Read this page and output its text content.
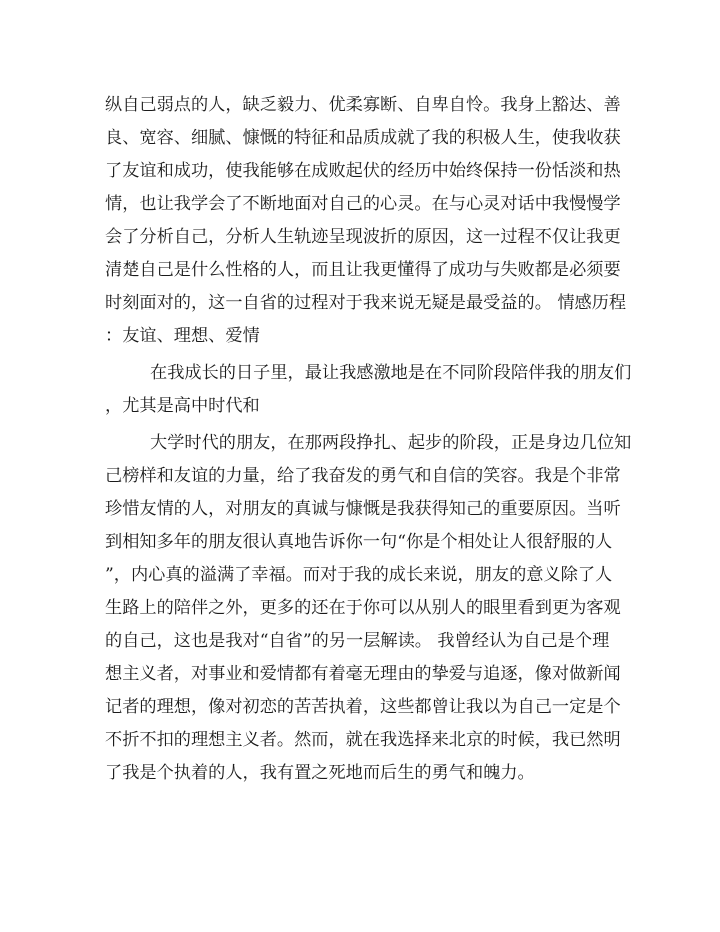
纵自己弱点的人，缺乏毅力、优柔寡断、自卑自怜。我身上豁达、善
良、宽容、细腻、慷慨的特征和品质成就了我的积极人生，使我收获
了友谊和成功，使我能够在成败起伏的经历中始终保持一份恬淡和热
情，也让我学会了不断地面对自己的心灵。在与心灵对话中我慢慢学
会了分析自己，分析人生轨迹呈现波折的原因，这一过程不仅让我更
清楚自己是什么性格的人，而且让我更懂得了成功与失败都是必须要
时刻面对的，这一自省的过程对于我来说无疑是最受益的。 情感历程
：友谊、理想、爱情
在我成长的日子里，最让我感激地是在不同阶段陪伴我的朋友们
，尤其是高中时代和
大学时代的朋友，在那两段挣扎、起步的阶段，正是身边几位知
己榜样和友谊的力量，给了我奋发的勇气和自信的笑容。我是个非常
珍惜友情的人，对朋友的真诚与慷慨是我获得知己的重要原因。当听
到相知多年的朋友很认真地告诉你一句“你是个相处让人很舒服的人
”，内心真的溢满了幸福。而对于我的成长来说，朋友的意义除了人
生路上的陪伴之外，更多的还在于你可以从别人的眼里看到更为客观
的自己，这也是我对“自省”的另一层解读。 我曾经认为自己是个理
想主义者，对事业和爱情都有着毫无理由的挚爱与追逐，像对做新闻
记者的理想，像对初恋的苦苦执着，这些都曾让我以为自己一定是个
不折不扣的理想主义者。然而，就在我选择来北京的时候，我已然明
了我是个执着的人，我有置之死地而后生的勇气和魄力。
